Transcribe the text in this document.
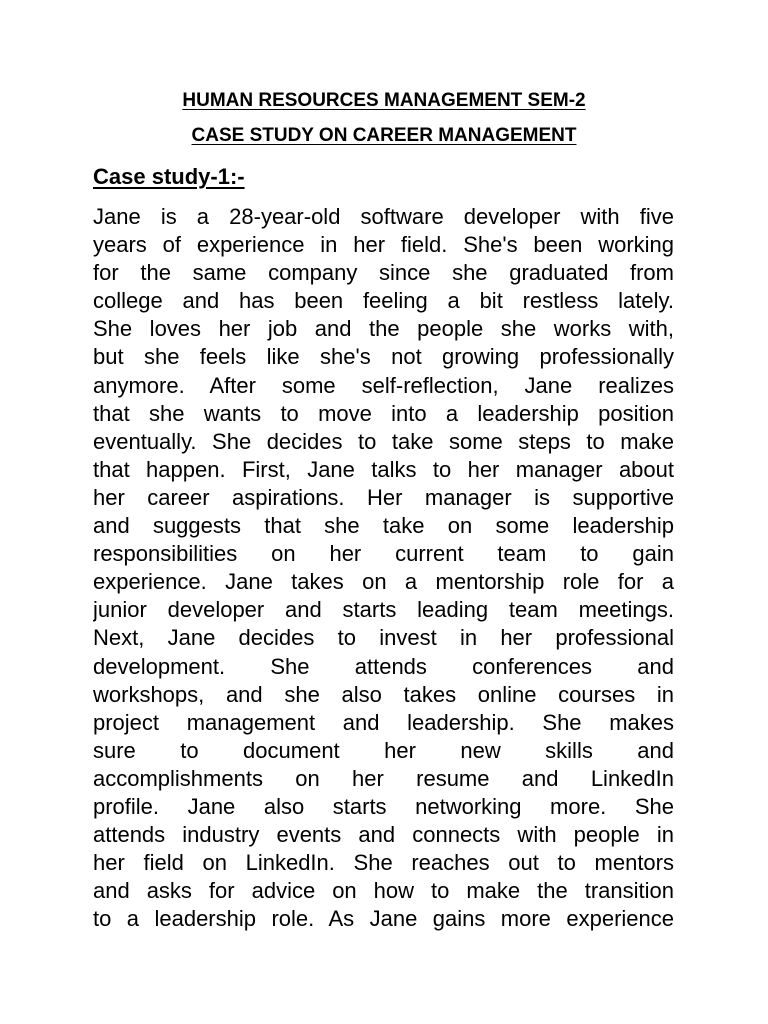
HUMAN RESOURCES MANAGEMENT SEM-2
CASE STUDY ON CAREER MANAGEMENT
Case study-1:-
Jane is a 28-year-old software developer with five
years of experience in her field. She's been working
for the same company since she graduated from
college and has been feeling a bit restless lately.
She loves her job and the people she works with,
but she feels like she's not growing professionally
anymore. After some self-reflection, Jane realizes
that she wants to move into a leadership position
eventually. She decides to take some steps to make
that happen. First, Jane talks to her manager about
her career aspirations. Her manager is supportive
and suggests that she take on some leadership
responsibilities on her current team to gain
experience. Jane takes on a mentorship role for a
junior developer and starts leading team meetings.
Next, Jane decides to invest in her professional
development. She attends conferences and
workshops, and she also takes online courses in
project management and leadership. She makes
sure to document her new skills and
accomplishments on her resume and LinkedIn
profile. Jane also starts networking more. She
attends industry events and connects with people in
her field on LinkedIn. She reaches out to mentors
and asks for advice on how to make the transition
to a leadership role. As Jane gains more experience
